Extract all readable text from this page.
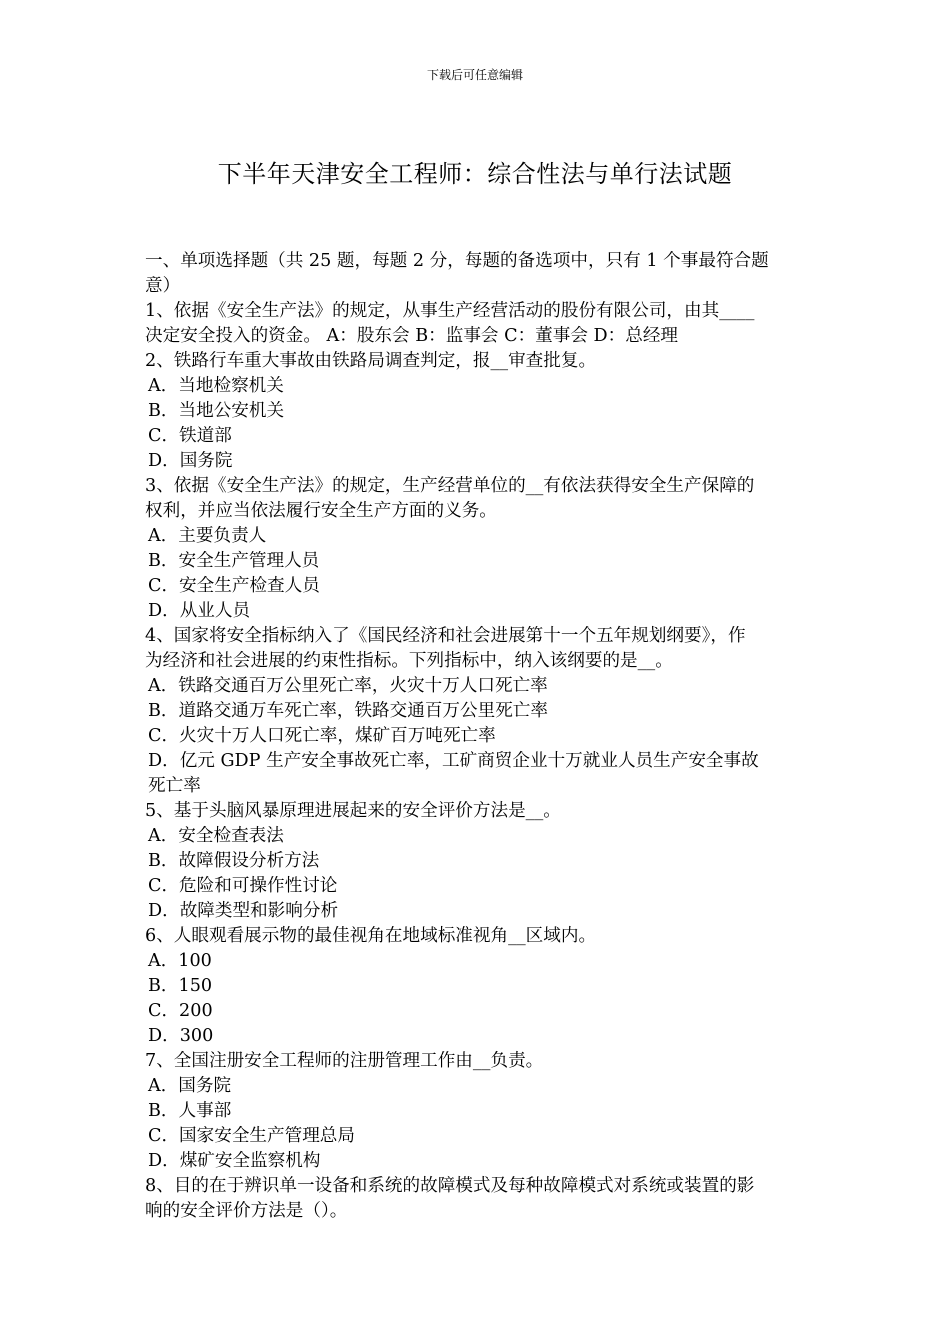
下载后可任意编辑
下半年天津安全工程师：综合性法与单行法试题
一、单项选择题（共 25 题，每题 2 分，每题的备选项中，只有 1 个事最符合题
意）
1、依据《安全生产法》的规定，从事生产经营活动的股份有限公司，由其____
决定安全投入的资金。 A：股东会 B：监事会 C：董事会 D：总经理
2、铁路行车重大事故由铁路局调查判定，报__审查批复。
A．当地检察机关
B．当地公安机关
C．铁道部
D．国务院
3、依据《安全生产法》的规定，生产经营单位的__有依法获得安全生产保障的
权利，并应当依法履行安全生产方面的义务。
A．主要负责人
B．安全生产管理人员
C．安全生产检查人员
D．从业人员
4、国家将安全指标纳入了《国民经济和社会进展第十一个五年规划纲要》，作
为经济和社会进展的约束性指标。下列指标中，纳入该纲要的是__。
A．铁路交通百万公里死亡率，火灾十万人口死亡率
B．道路交通万车死亡率，铁路交通百万公里死亡率
C．火灾十万人口死亡率，煤矿百万吨死亡率
D．亿元 GDP 生产安全事故死亡率，工矿商贸企业十万就业人员生产安全事故
死亡率
5、基于头脑风暴原理进展起来的安全评价方法是__。
A．安全检查表法
B．故障假设分析方法
C．危险和可操作性讨论
D．故障类型和影响分析
6、人眼观看展示物的最佳视角在地域标准视角__区域内。
A．100
B．150
C．200
D．300
7、全国注册安全工程师的注册管理工作由__负责。
A．国务院
B．人事部
C．国家安全生产管理总局
D．煤矿安全监察机构
8、目的在于辨识单一设备和系统的故障模式及每种故障模式对系统或装置的影
响的安全评价方法是（）。
